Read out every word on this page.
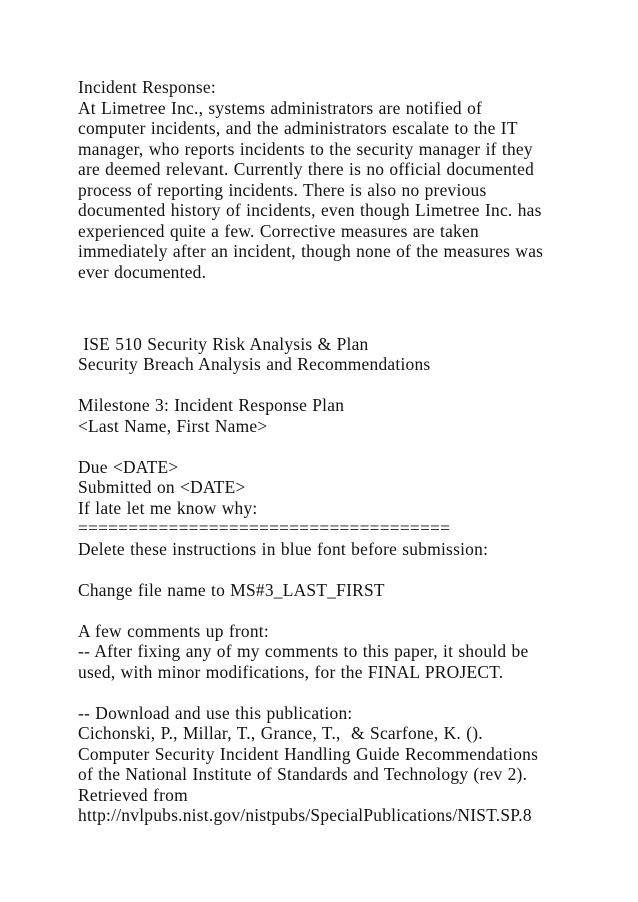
Incident Response:
At Limetree Inc., systems administrators are notified of
computer incidents, and the administrators escalate to the IT
manager, who reports incidents to the security manager if they
are deemed relevant. Currently there is no official documented
process of reporting incidents. There is also no previous
documented history of incidents, even though Limetree Inc. has
experienced quite a few. Corrective measures are taken
immediately after an incident, though none of the measures was
ever documented.
ISE 510 Security Risk Analysis & Plan
Security Breach Analysis and Recommendations
Milestone 3: Incident Response Plan
<Last Name, First Name>
Due <DATE>
Submitted on <DATE>
If late let me know why:
=====================================
Delete these instructions in blue font before submission:
Change file name to MS#3_LAST_FIRST
A few comments up front:
-- After fixing any of my comments to this paper, it should be
used, with minor modifications, for the FINAL PROJECT.
-- Download and use this publication:
Cichonski, P., Millar, T., Grance, T.,  & Scarfone, K. ().
Computer Security Incident Handling Guide Recommendations
of the National Institute of Standards and Technology (rev 2).
Retrieved from
http://nvlpubs.nist.gov/nistpubs/SpecialPublications/NIST.SP.8
